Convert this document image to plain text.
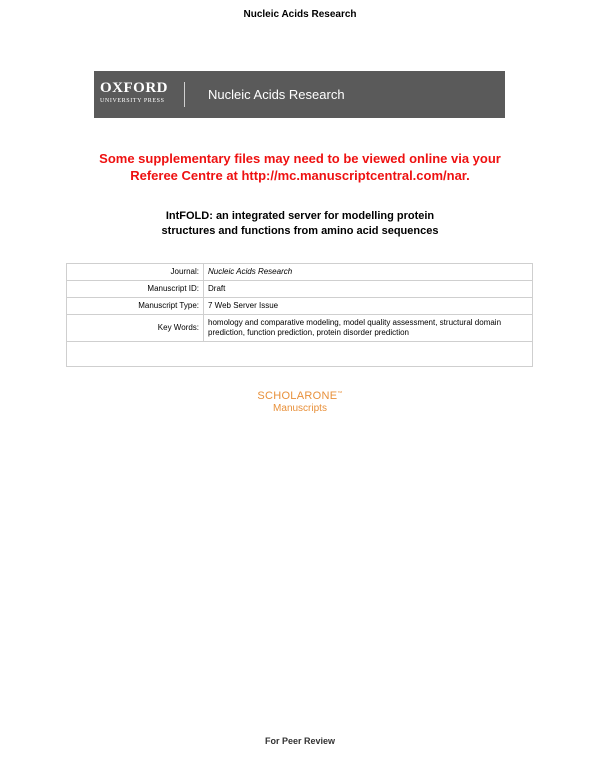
Nucleic Acids Research
OXFORD
UNIVERSITY PRESS	Nucleic Acids Research
Some supplementary files may need to be viewed online via your
Referee Centre at http://mc.manuscriptcentral.com/nar.
IntFOLD: an integrated server for modelling protein
structures and functions from amino acid sequences
Journal:	Nucleic Acids Research
Manuscript ID:	Draft
Manuscript Type:	7 Web Server Issue
Key Words:	homology and comparative modeling, model quality assessment, structural domain prediction, function prediction, protein disorder prediction

SCHOLARONE™
Manuscripts
For Peer Review
